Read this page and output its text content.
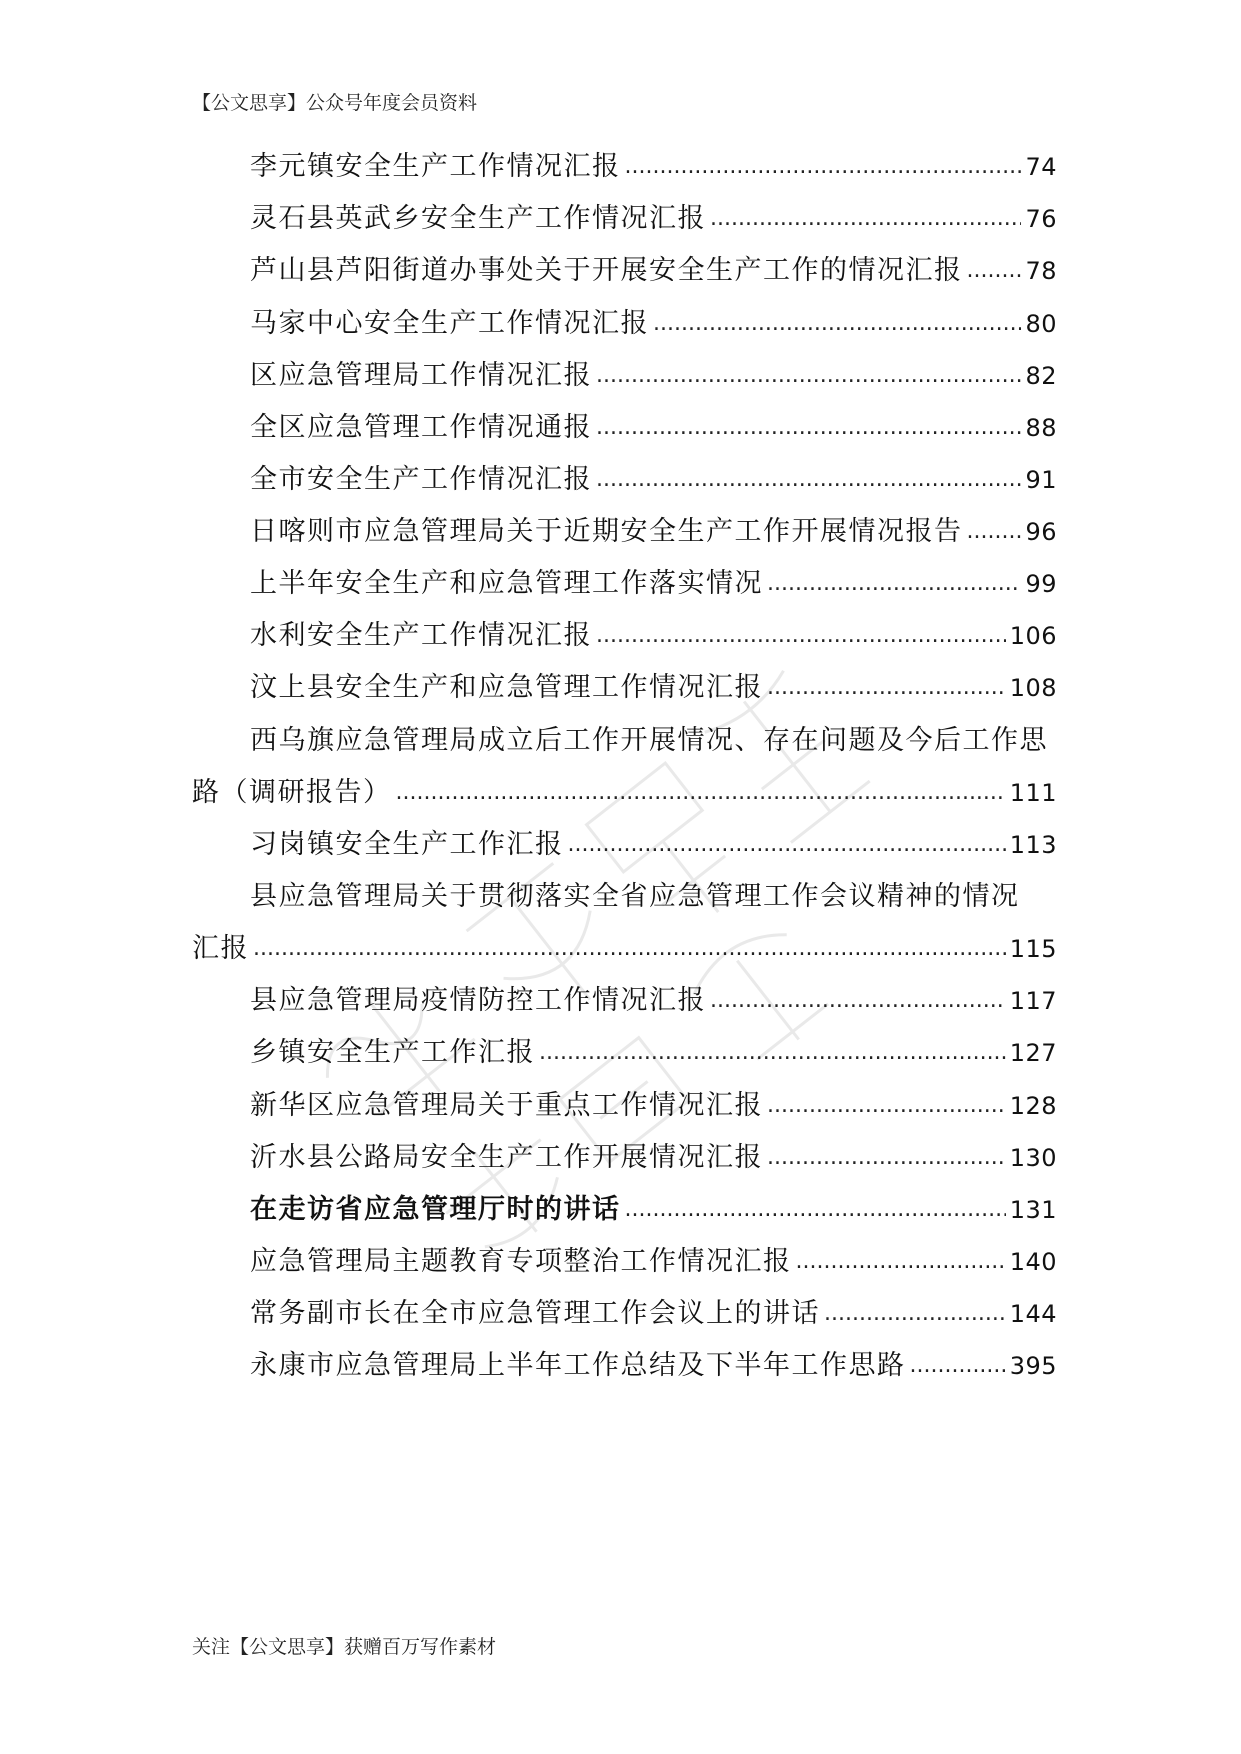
【公文思享】公众号年度会员资料
李元镇安全生产工作情况汇报 .....	74
灵石县英武乡安全生产工作情况汇报 .....	76
芦山县芦阳街道办事处关于开展安全生产工作的情况汇报 .....	78
马家中心安全生产工作情况汇报 .....	80
区应急管理局工作情况汇报 .....	82
全区应急管理工作情况通报 .....	88
全市安全生产工作情况汇报 .....	91
日喀则市应急管理局关于近期安全生产工作开展情况报告 .....	96
上半年安全生产和应急管理工作落实情况 .....	99
水利安全生产工作情况汇报 .....	106
汶上县安全生产和应急管理工作情况汇报 .....	108
西乌旗应急管理局成立后工作开展情况、存在问题及今后工作思
路（调研报告） .....	111
习岗镇安全生产工作汇报 .....	113
县应急管理局关于贯彻落实全省应急管理工作会议精神的情况
汇报 .....	115
县应急管理局疫情防控工作情况汇报 .....	117
乡镇安全生产工作汇报 .....	127
新华区应急管理局关于重点工作情况汇报 .....	128
沂水县公路局安全生产工作开展情况汇报 .....	130
在走访省应急管理厅时的讲话 .....	131
应急管理局主题教育专项整治工作情况汇报 .....	140
常务副市长在全市应急管理工作会议上的讲话 .....	144
永康市应急管理局上半年工作总结及下半年工作思路 .....	395
关注【公文思享】获赠百万写作素材
